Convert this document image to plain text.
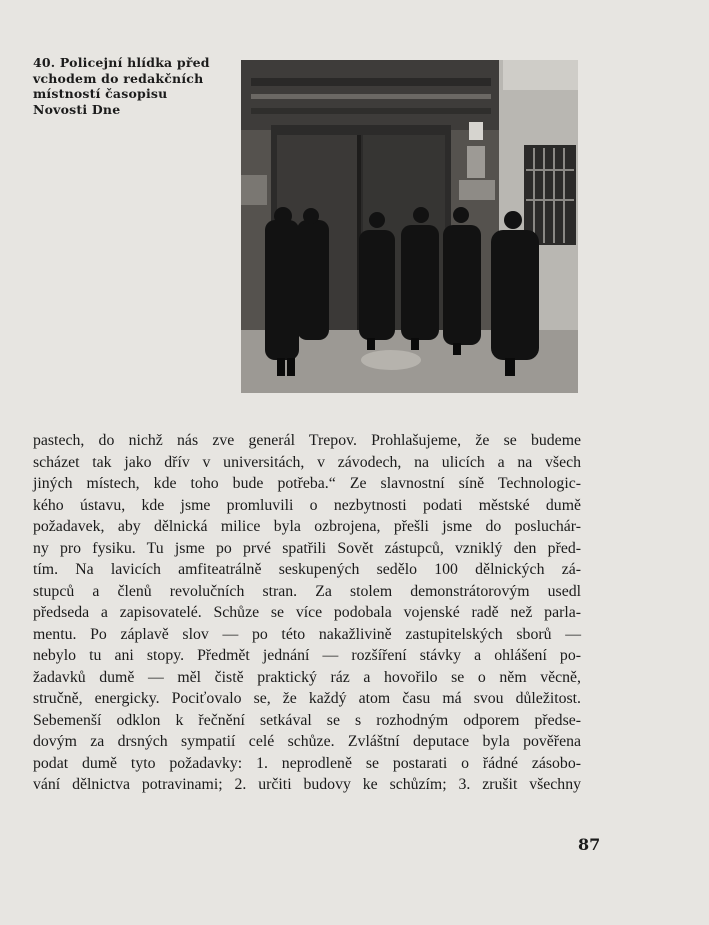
40. Policejní hlídka před
vchodem do redakčních
místností časopisu
Novosti Dne
pastech, do nichž nás zve generál Trepov. Prohlašujeme, že se budeme
scházet tak jako dřív v universitách, v závodech, na ulicích a na všech
jiných místech, kde toho bude potřeba.“ Ze slavnostní síně Technologic-
kého ústavu, kde jsme promluvili o nezbytnosti podati městské dumě
požadavek, aby dělnická milice byla ozbrojena, přešli jsme do posluchár-
ny pro fysiku. Tu jsme po prvé spatřili Sovět zástupců, vzniklý den před-
tím. Na lavicích amfiteatrálně seskupených sedělo 100 dělnických zá-
stupců a členů revolučních stran. Za stolem demonstrátorovým usedl
předseda a zapisovatelé. Schůze se více podobala vojenské radě než parla-
mentu. Po záplavě slov — po této nakažlivině zastupitelských sborů —
nebylo tu ani stopy. Předmět jednání — rozšíření stávky a ohlášení po-
žadavků dumě — měl čistě praktický ráz a hovořilo se o něm věcně,
stručně, energicky. Pociťovalo se, že každý atom času má svou důležitost.
Sebemenší odklon k řečnění setkával se s rozhodným odporem předse-
dovým za drsných sympatií celé schůze. Zvláštní deputace byla pověřena
podat dumě tyto požadavky: 1. neprodleně se postarati o řádné zásobo-
vání dělnictva potravinami; 2. určiti budovy ke schůzím; 3. zrušit všechny
87
